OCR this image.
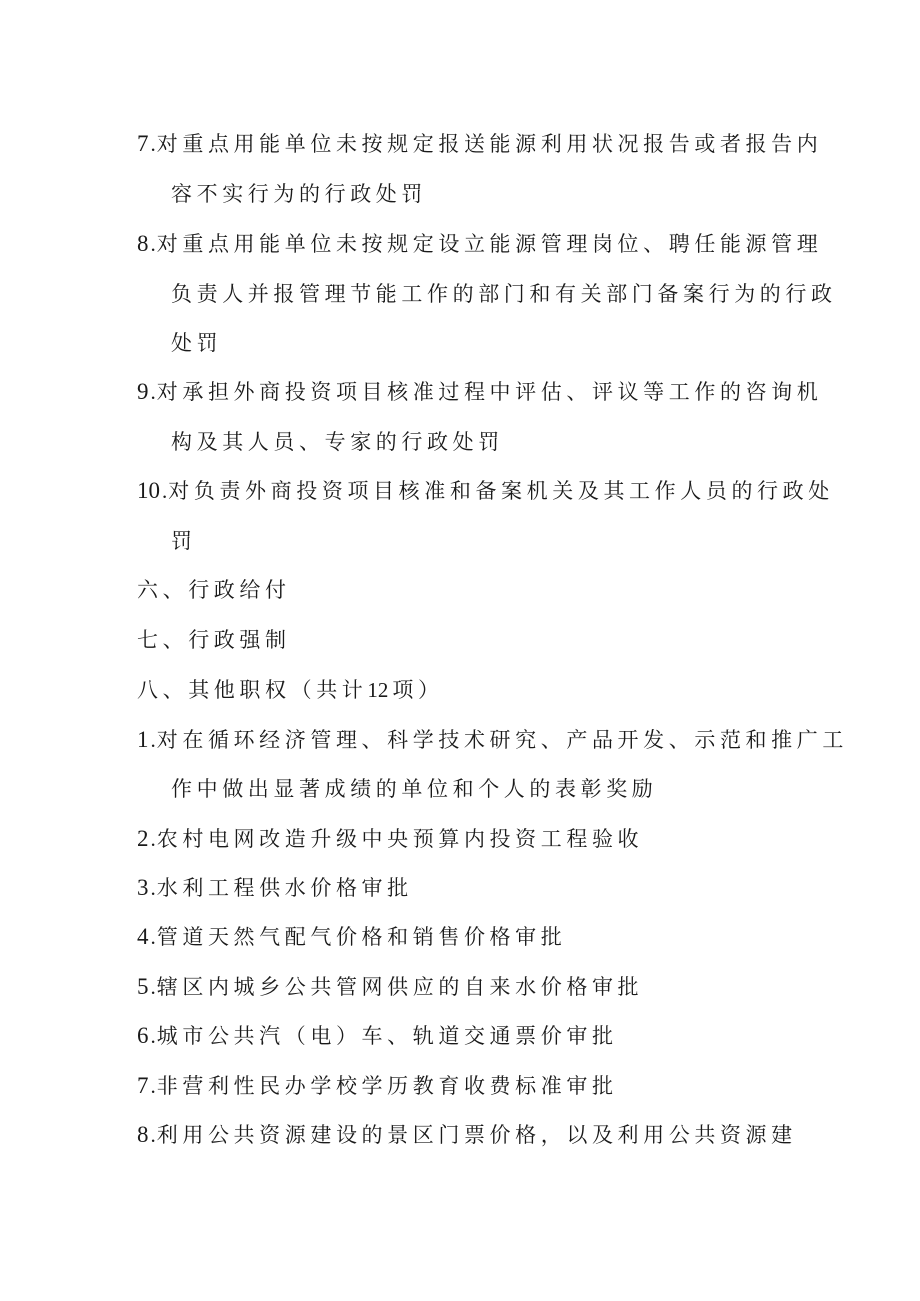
7.对重点用能单位未按规定报送能源利用状况报告或者报告内
容不实行为的行政处罚
8.对重点用能单位未按规定设立能源管理岗位、聘任能源管理
负责人并报管理节能工作的部门和有关部门备案行为的行政
处罚
9.对承担外商投资项目核准过程中评估、评议等工作的咨询机
构及其人员、专家的行政处罚
10.对负责外商投资项目核准和备案机关及其工作人员的行政处
罚
六、行政给付
七、行政强制
八、其他职权（共计12 项）
1.对在循环经济管理、科学技术研究、产品开发、示范和推广工
作中做出显著成绩的单位和个人的表彰奖励
2.农村电网改造升级中央预算内投资工程验收
3.水利工程供水价格审批
4.管道天然气配气价格和销售价格审批
5.辖区内城乡公共管网供应的自来水价格审批
6.城市公共汽（电）车、轨道交通票价审批
7.非营利性民办学校学历教育收费标准审批
8.利用公共资源建设的景区门票价格，以及利用公共资源建
